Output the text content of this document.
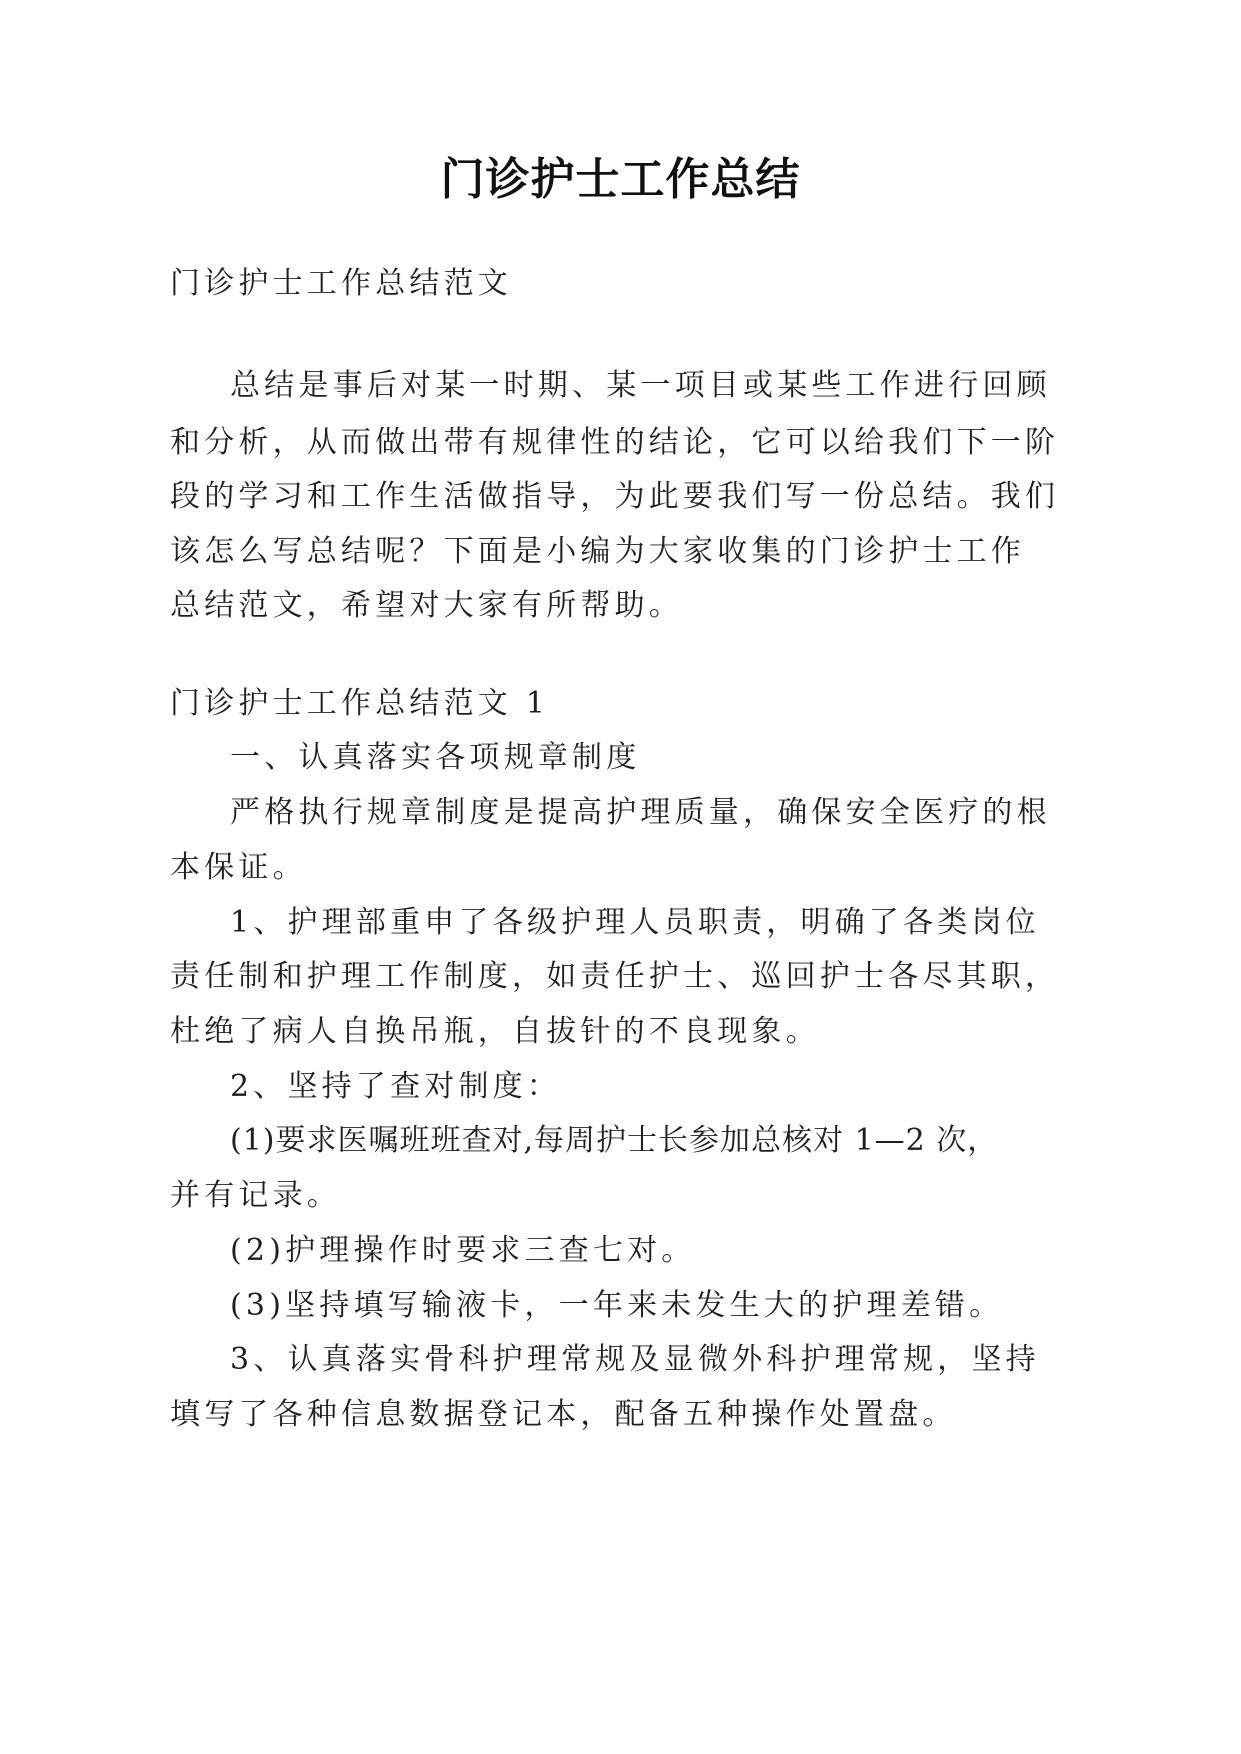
门诊护士工作总结
门诊护士工作总结范文
总结是事后对某一时期、某一项目或某些工作进行回顾
和分析，从而做出带有规律性的结论，它可以给我们下一阶
段的学习和工作生活做指导，为此要我们写一份总结。我们
该怎么写总结呢？下面是小编为大家收集的门诊护士工作
总结范文，希望对大家有所帮助。
门诊护士工作总结范文 1
一、认真落实各项规章制度
严格执行规章制度是提高护理质量，确保安全医疗的根
本保证。
1、护理部重申了各级护理人员职责，明确了各类岗位
责任制和护理工作制度，如责任护士、巡回护士各尽其职，
杜绝了病人自换吊瓶，自拔针的不良现象。
2、坚持了查对制度：
(1)要求医嘱班班查对,每周护士长参加总核对 1—2 次，
并有记录。
(2)护理操作时要求三查七对。
(3)坚持填写输液卡，一年来未发生大的护理差错。
3、认真落实骨科护理常规及显微外科护理常规，坚持
填写了各种信息数据登记本，配备五种操作处置盘。
